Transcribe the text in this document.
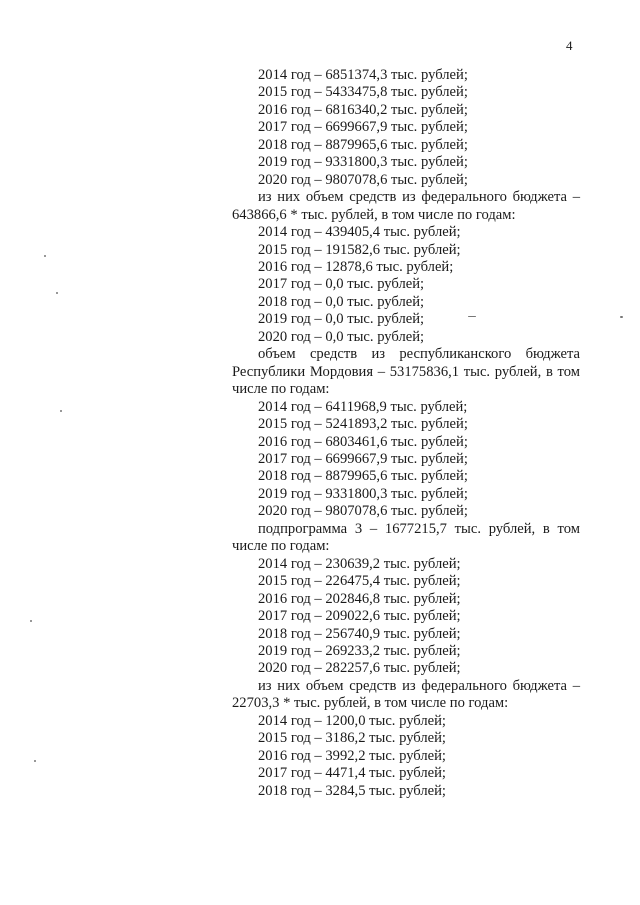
4

2014 год – 6851374,3 тыс. рублей;

2015 год – 5433475,8 тыс. рублей;

2016 год – 6816340,2 тыс. рублей;

2017 год – 6699667,9 тыс. рублей;

2018 год – 8879965,6 тыс. рублей;

2019 год – 9331800,3 тыс. рублей;

2020 год – 9807078,6 тыс. рублей;

из них объем средств из федерального бюджета – 643866,6 * тыс. рублей, в том числе по годам:

2014 год – 439405,4 тыс. рублей;

2015 год – 191582,6 тыс. рублей;

2016 год – 12878,6 тыс. рублей;

2017 год – 0,0 тыс. рублей;

2018 год – 0,0 тыс. рублей;

2019 год – 0,0 тыс. рублей;

2020 год – 0,0 тыс. рублей;

объем средств из республиканского бюджета Республики Мордовия – 53175836,1 тыс. рублей, в том числе по годам:

2014 год – 6411968,9 тыс. рублей;

2015 год – 5241893,2 тыс. рублей;

2016 год – 6803461,6 тыс. рублей;

2017 год – 6699667,9 тыс. рублей;

2018 год – 8879965,6 тыс. рублей;

2019 год – 9331800,3 тыс. рублей;

2020 год – 9807078,6 тыс. рублей;

подпрограмма 3 – 1677215,7 тыс. рублей, в том числе по годам:

2014 год – 230639,2 тыс. рублей;

2015 год – 226475,4 тыс. рублей;

2016 год – 202846,8 тыс. рублей;

2017 год – 209022,6 тыс. рублей;

2018 год – 256740,9 тыс. рублей;

2019 год – 269233,2 тыс. рублей;

2020 год – 282257,6 тыс. рублей;

из них объем средств из федерального бюджета – 22703,3 * тыс. рублей, в том числе по годам:

2014 год – 1200,0 тыс. рублей;

2015 год – 3186,2 тыс. рублей;

2016 год – 3992,2 тыс. рублей;

2017 год – 4471,4 тыс. рублей;

2018 год – 3284,5 тыс. рублей;
